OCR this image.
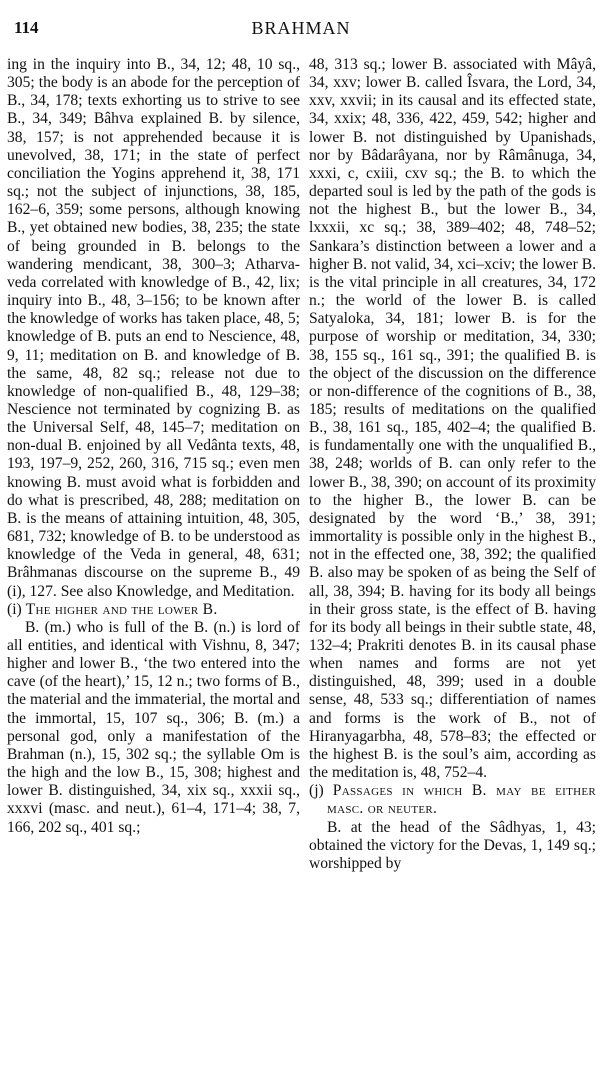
114	BRAHMAN

ing in the inquiry into B., 34, 12; 48, 10 sq., 305; the body is an abode for the perception of B., 34, 178; texts exhorting us to strive to see B., 34, 349; Bâhva explained B. by silence, 38, 157; is not apprehended because it is unevolved, 38, 171; in the state of perfect conciliation the Yogins apprehend it, 38, 171 sq.; not the subject of injunctions, 38, 185, 162–6, 359; some persons, although knowing B., yet obtained new bodies, 38, 235; the state of being grounded in B. belongs to the wandering mendicant, 38, 300–3; Atharva-veda correlated with knowledge of B., 42, lix; inquiry into B., 48, 3–156; to be known after the knowledge of works has taken place, 48, 5; knowledge of B. puts an end to Nescience, 48, 9, 11; meditation on B. and knowledge of B. the same, 48, 82 sq.; release not due to knowledge of non-qualified B., 48, 129–38; Nescience not terminated by cognizing B. as the Universal Self, 48, 145–7; meditation on non-dual B. enjoined by all Vedânta texts, 48, 193, 197–9, 252, 260, 316, 715 sq.; even men knowing B. must avoid what is forbidden and do what is prescribed, 48, 288; meditation on B. is the means of attaining intuition, 48, 305, 681, 732; knowledge of B. to be understood as knowledge of the Veda in general, 48, 631; Brâhmanas discourse on the supreme B., 49 (i), 127. See also Knowledge, and Meditation.

(i) The higher and the lower B.

B. (m.) who is full of the B. (n.) is lord of all entities, and identical with Vishnu, 8, 347; higher and lower B., ‘the two entered into the cave (of the heart),’ 15, 12 n.; two forms of B., the material and the immaterial, the mortal and the immortal, 15, 107 sq., 306; B. (m.) a personal god, only a manifestation of the Brahman (n.), 15, 302 sq.; the syllable Om is the high and the low B., 15, 308; highest and lower B. distinguished, 34, xix sq., xxxii sq., xxxvi (masc. and neut.), 61–4, 171–4; 38, 7, 166, 202 sq., 401 sq.;

48, 313 sq.; lower B. associated with Mâyâ, 34, xxv; lower B. called Îsvara, the Lord, 34, xxv, xxvii; in its causal and its effected state, 34, xxix; 48, 336, 422, 459, 542; higher and lower B. not distinguished by Upanishads, nor by Bâdarâyana, nor by Râmânuga, 34, xxxi, c, cxiii, cxv sq.; the B. to which the departed soul is led by the path of the gods is not the highest B., but the lower B., 34, lxxxii, xc sq.; 38, 389–402; 48, 748–52; Sankara’s distinction between a lower and a higher B. not valid, 34, xci–xciv; the lower B. is the vital principle in all creatures, 34, 172 n.; the world of the lower B. is called Satyaloka, 34, 181; lower B. is for the purpose of worship or meditation, 34, 330; 38, 155 sq., 161 sq., 391; the qualified B. is the object of the discussion on the difference or non-difference of the cognitions of B., 38, 185; results of meditations on the qualified B., 38, 161 sq., 185, 402–4; the qualified B. is fundamentally one with the unqualified B., 38, 248; worlds of B. can only refer to the lower B., 38, 390; on account of its proximity to the higher B., the lower B. can be designated by the word ‘B.,’ 38, 391; immortality is possible only in the highest B., not in the effected one, 38, 392; the qualified B. also may be spoken of as being the Self of all, 38, 394; B. having for its body all beings in their gross state, is the effect of B. having for its body all beings in their subtle state, 48, 132–4; Prakriti denotes B. in its causal phase when names and forms are not yet distinguished, 48, 399; used in a double sense, 48, 533 sq.; differentiation of names and forms is the work of B., not of Hiranyagarbha, 48, 578–83; the effected or the highest B. is the soul’s aim, according as the meditation is, 48, 752–4.

(j) Passages in which B. may be either masc. or neuter.

B. at the head of the Sâdhyas, 1, 43; obtained the victory for the Devas, 1, 149 sq.; worshipped by
